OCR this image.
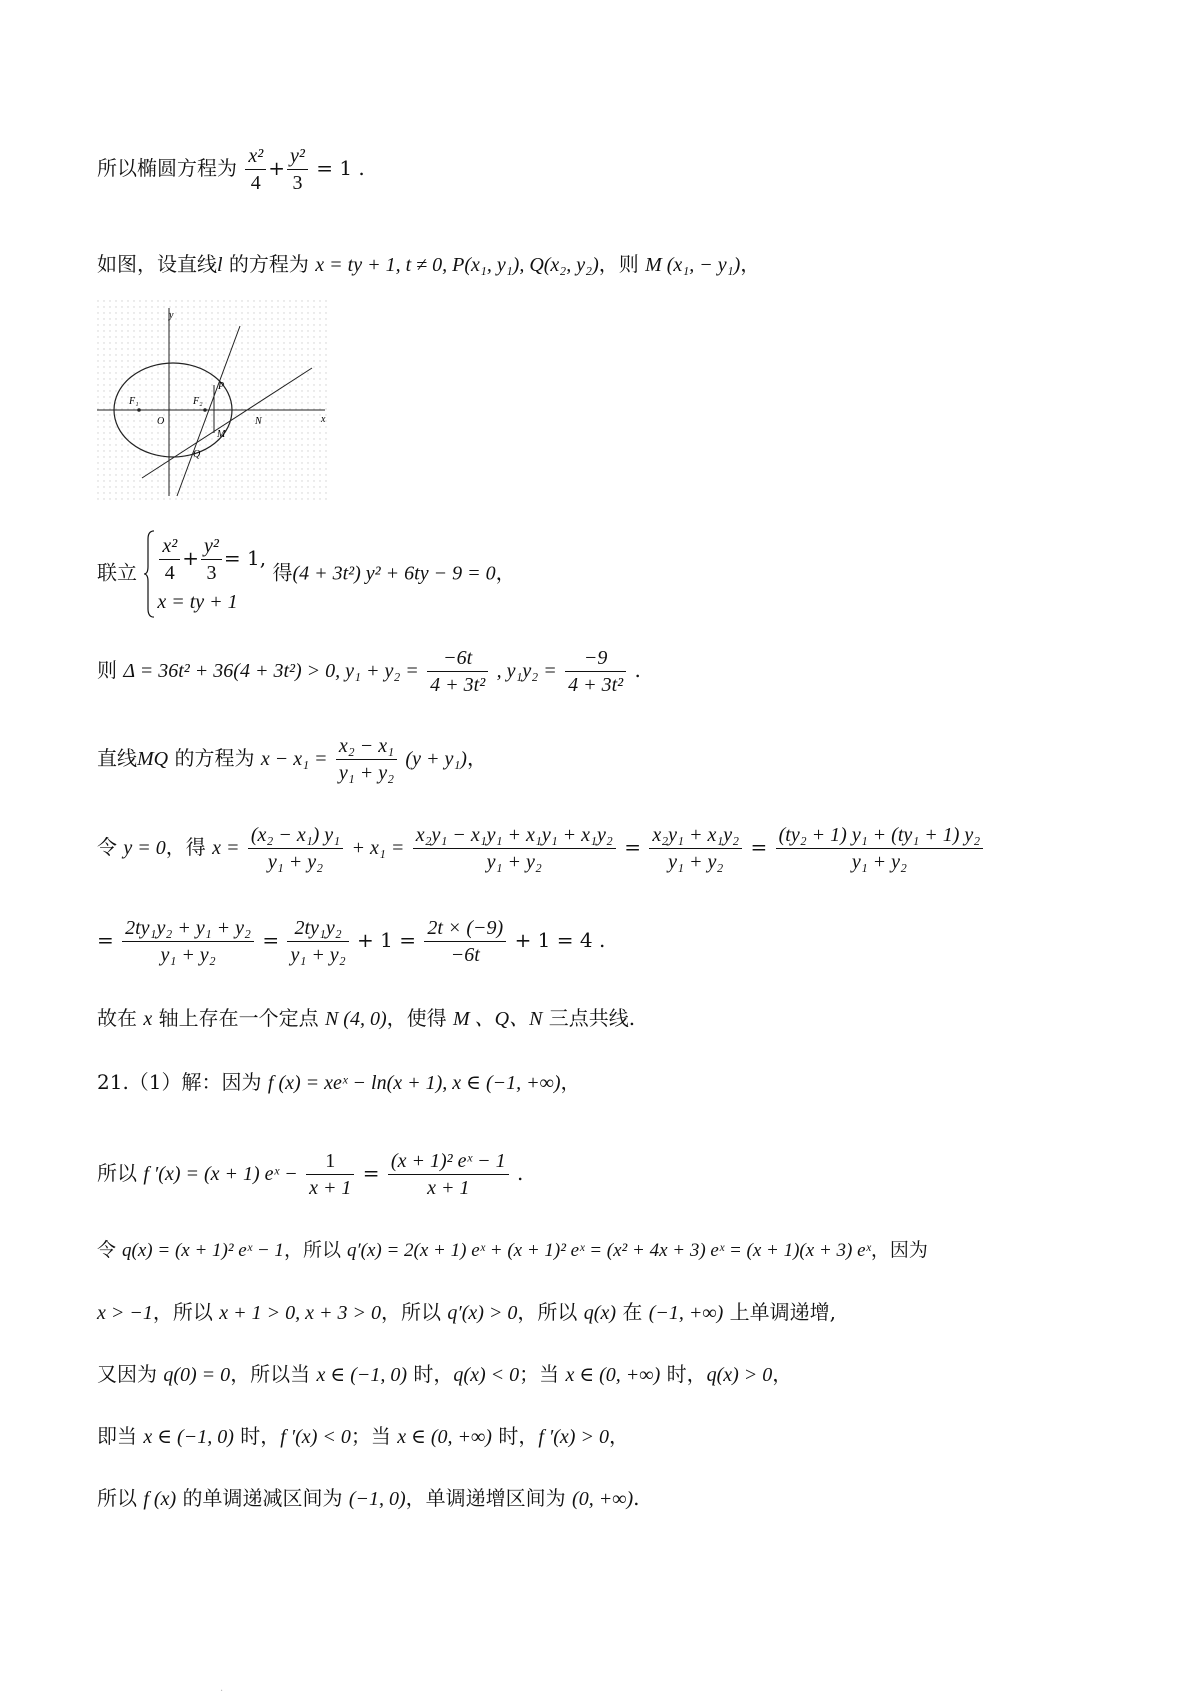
所以椭圆方程为 $\frac{\text{x²}}{4} + \frac{\text{y²}}{3} = 1$ .
如图，设直线l 的方程为 x = ty + 1, t ≠ 0, P(x₁, y₁), Q(x₂, y₂)，则 M (x₁, − y₁)，
y
x
F₁	F₂
O
P
N
M
Q
联立 $\frac{\text{x²}}{4} + \frac{\text{y²}}{3} = 1$,
x = ty + 1
得(4 + 3t²) y² + 6ty − 9 = 0，
则 Δ = 36t² + 36(4 + 3t²) > 0, $y_1 + y_2 = \frac{-6t}{\text{4 + 3t²}}$ , $y_1y_2 = \frac{-9}{\text{4 + 3t²}}$ .
直线MQ 的方程为 $x - x_1 = \frac{\text{x₂ − x₁}}{\text{y₁ + y₂}} (y + y_1)$，
令 y = 0，得 $x = \frac{\text{(x₂ − x₁) y₁}}{\text{y₁ + y₂}} + x_1 = \frac{\text{x₂y₁ − x₁y₁ + x₁y₁ + x₁y₂}}{\text{y₁ + y₂}} = \frac{\text{x₂y₁ + x₁y₂}}{\text{y₁ + y₂}} = \frac{\text{(ty₂ + 1) y₁ + (ty₁ + 1) y₂}}{\text{y₁ + y₂}}$
= $\frac{\text{2ty₁y₂ + y₁ + y₂}}{\text{y₁ + y₂}} = \frac{\text{2ty₁y₂}}{\text{y₁ + y₂}} + 1 = \frac{2t \times (-9)}{-6t} + 1 = 4$ .
故在 x 轴上存在一个定点 N (4, 0)，使得 M 、Q、N 三点共线.
21.（1）解：因为 f (x) = xeˣ − ln(x + 1), x ∈ (−1, +∞)，
所以 f ′(x) = (x + 1) eˣ − $\frac{1}{x + 1} = \frac{\text{(x + 1)² eˣ − 1}}{x + 1}$ .
令 q(x) = (x + 1)² eˣ − 1，所以 q′(x) = 2(x + 1) eˣ + (x + 1)² eˣ = (x² + 4x + 3) eˣ = (x + 1)(x + 3) eˣ，因为
x > −1，所以 x + 1 > 0, x + 3 > 0，所以 q′(x) > 0，所以 q(x) 在 (−1, +∞) 上单调递增,
又因为 q(0) = 0，所以当 x ∈ (−1, 0) 时，q(x) < 0；当 x ∈ (0, +∞) 时，q(x) > 0，
即当 x ∈ (−1, 0) 时，f ′(x) < 0；当 x ∈ (0, +∞) 时，f ′(x) > 0，
所以 f (x) 的单调递减区间为 (−1, 0)，单调递增区间为 (0, +∞).
·
